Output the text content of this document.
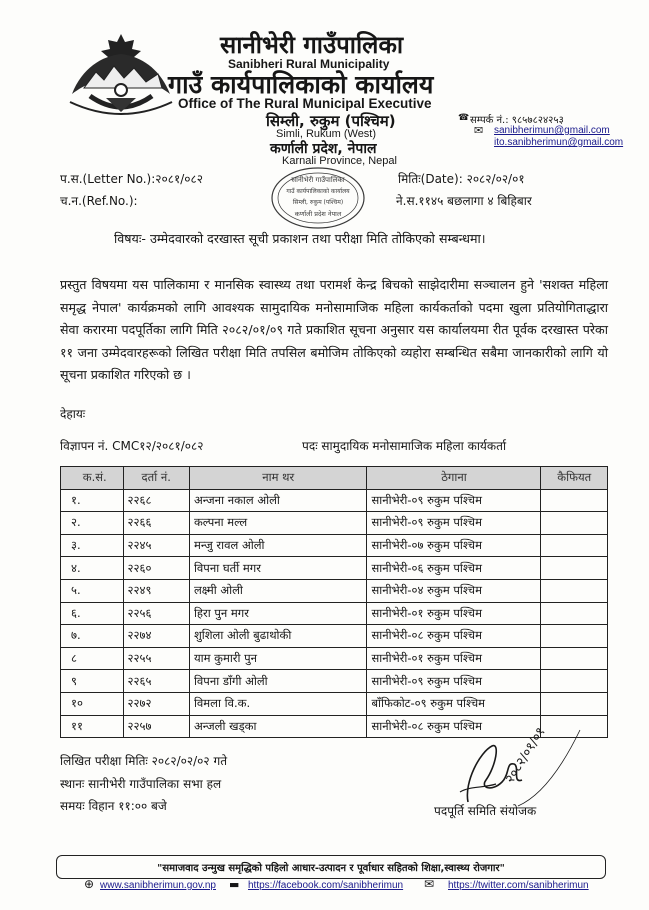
सानीभेरी गाउँपालिका
Sanibheri Rural Municipality
गाउँ कार्यपालिकाको कार्यालय
Office of The Rural Municipal Executive
सिम्ली, रुकुम (पश्चिम)
Simli, Rukum (West)
कर्णाली प्रदेश, नेपाल
Karnali Province, Nepal
☎ सम्पर्क नं.: ९८५७८२४२५३
✉ sanibherimun@gmail.com
ito.sanibherimun@gmail.com
प.स.(Letter No.):२०८१/०८२
च.न.(Ref.No.):
मितिः(Date): २०८२/०२/०१
ने.स.११४५ बछलागा ४ बिहिबार
सानीभेरी गाउँपालिका
गाउँ कार्यपालिकाको कार्यालय
सिम्ली, रुकुम (पश्चिम)
कर्णाली प्रदेश नेपाल
विषयः- उम्मेदवारको दरखास्त सूची प्रकाशन तथा परीक्षा मिति तोकिएको सम्बन्धमा।
प्रस्तुत विषयमा यस पालिकामा र मानसिक स्वास्थ्य तथा परामर्श केन्द्र बिचको साझेदारीमा सञ्चालन हुने 'सशक्त महिला समृद्ध नेपाल' कार्यक्रमको लागि आवश्यक सामुदायिक मनोसामाजिक महिला कार्यकर्ताको पदमा खुला प्रतियोगिताद्धारा सेवा करारमा पदपूर्तिका लागि मिति २०८२/०१/०९ गते प्रकाशित सूचना अनुसार यस कार्यालयमा रीत पूर्वक दरखास्त परेका ११ जना उम्मेदवारहरूको लिखित परीक्षा मिति तपसिल बमोजिम तोकिएको व्यहोरा सम्बन्धित सबैमा जानकारीको लागि यो सूचना प्रकाशित गरिएको छ ।
देहायः
विज्ञापन नं. CMC१२/२०८१/०८२	पदः सामुदायिक मनोसामाजिक महिला कार्यकर्ता
क.सं.	दर्ता नं.	नाम थर	ठेगाना	कैफियत
१.	२२६८	अन्जना नकाल ओली	सानीभेरी-०९ रुकुम पश्चिम	
२.	२२६६	कल्पना मल्ल	सानीभेरी-०९ रुकुम पश्चिम	
३.	२२४५	मन्जु रावल ओली	सानीभेरी-०७ रुकुम पश्चिम	
४.	२२६०	विपना घर्ती मगर	सानीभेरी-०६ रुकुम पश्चिम	
५.	२२४९	लक्ष्मी ओली	सानीभेरी-०४ रुकुम पश्चिम	
६.	२२५६	हिरा पुन मगर	सानीभेरी-०१ रुकुम पश्चिम	
७.	२२७४	शुशिला ओली बुढाथोकी	सानीभेरी-०८ रुकुम पश्चिम	
८	२२५५	याम कुमारी पुन	सानीभेरी-०१ रुकुम पश्चिम	
९	२२६५	विपना डाँगी ओली	सानीभेरी-०९ रुकुम पश्चिम	
१०	२२७२	विमला वि.क.	बाँफिकोट-०९ रुकुम पश्चिम	
११	२२५७	अन्जली खड्का	सानीभेरी-०८ रुकुम पश्चिम	
लिखित परीक्षा मितिः २०८२/०२/०२ गते
स्थानः सानीभेरी गाउँपालिका सभा हल
समयः विहान ११:०० बजे
२०८२/०१/०१
पदपूर्ति समिति संयोजक
"समाजवाद उन्मुख समृद्धिको पहिलो आधार-उत्पादन र पूर्वाधार सहितको शिक्षा,स्वास्थ्य रोजगार"
⊕ www.sanibherimun.gov.np ▬ https://facebook.com/sanibherimun ✉ https://twitter.com/sanibherimun
